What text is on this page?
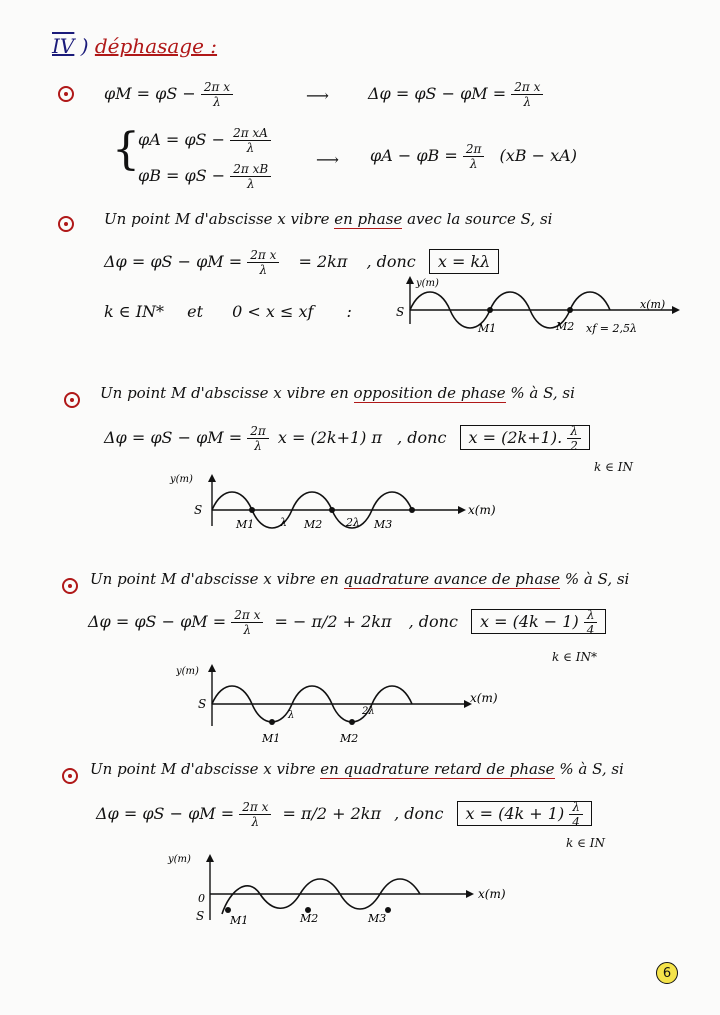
IV ) déphasage :
$\varphi M = \varphi S - \frac{\text{2π x}}{\lambda}$	⟶ $\Delta\varphi = \varphi S - \varphi M = \frac{\text{2π x}}{\lambda}$
{
$\varphi A = \varphi S - \frac{\text{2π xA}}{\lambda}$
$\varphi B = \varphi S - \frac{\text{2π xB}}{\lambda}$
⟶ $\varphi A - \varphi B = \frac{2\pi}{\lambda} (xB - xA)$
Un point M d'abscisse x vibre en phase avec la source S, si
$\Delta\varphi = \varphi S - \varphi M = \frac{\text{2π x}}{\lambda} = 2k\pi$ , donc x = kλ
k ∈ IN* et 0 < x ≤ xf :
y(m)
x(m)
S
M1	M2 xf = 2,5λ
Un point M d'abscisse x vibre en opposition de phase % à S, si
$\Delta\varphi = \varphi S - \varphi M = \frac{2\pi}{\lambda}$ x = (2k+1) π , donc x = (2k+1). $\frac{\lambda}{2}$
k ∈ IN
y(m)
x(m)
S
M1 λ M2 2λ M3
Un point M d'abscisse x vibre en quadrature avance de phase % à S, si
$\Delta\varphi = \varphi S - \varphi M = \frac{\text{2π x}}{\lambda}$ = − π/2 + 2kπ , donc $x = (4k - 1) \frac{\lambda}{4}$
k ∈ IN*
y(m)
x(m)
S
λ	2λ
M1	M2
Un point M d'abscisse x vibre en quadrature retard de phase % à S, si
$\Delta\varphi = \varphi S - \varphi M = \frac{\text{2π x}}{\lambda} = \pi/2 + 2k\pi$ , donc $x = (4k + 1) \frac{\lambda}{4}$
k ∈ IN
y(m)
x(m)
0
S M1	M2	M3
6
